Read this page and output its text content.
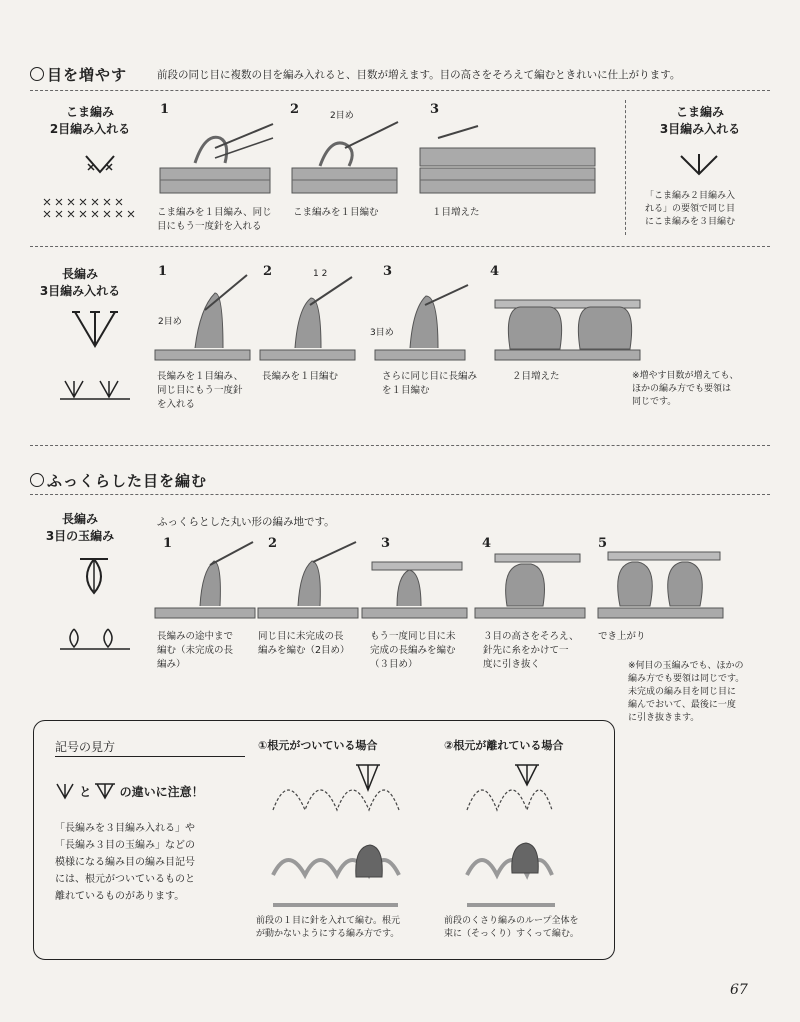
目を増やす	前段の同じ目に複数の目を編み入れると、目数が増えます。目の高さをそろえて編むときれいに仕上がります。
こま編み
2目編み入れる
1
こま編みを１目編み、同じ
目にもう一度針を入れる
2	2目め
こま編みを１目編む
3
１目増えた
こま編み
3目編み入れる
「こま編み２目編み入
れる」の要領で同じ目
にこま編みを３目編む
長編み
3目編み入れる
1
2目め
長編みを１目編み、
同じ目にもう一度針
を入れる
2	1 2
長編みを１目編む
3
3目め
さらに同じ目に長編み
を１目編む
4
２目増えた	※増やす目数が増えても、
ほかの編み方でも要領は
同じです。
ふっくらした目を編む
長編み
3目の玉編み
ふっくらとした丸い形の編み地です。
1
長編みの途中まで
編む（未完成の長
編み）
2
同じ目に未完成の長
編みを編む（2目め）
3
もう一度同じ目に未
完成の長編みを編む
（３目め）
4
３目の高さをそろえ、
針先に糸をかけて一
度に引き抜く
5
でき上がり
※何目の玉編みでも、ほかの
編み方でも要領は同じです。
未完成の編み目を同じ目に
編んでおいて、最後に一度
に引き抜きます。
記号の見方
と の違いに注意！
「長編みを３目編み入れる」や
「長編み３目の玉編み」などの
模様になる編み目の編み目記号
には、根元がついているものと
離れているものがあります。
①根元がついている場合
前段の１目に針を入れて編む。根元
が動かないようにする編み方です。
②根元が離れている場合
前段のくさり編みのループ全体を
束に（そっくり）すくって編む。
67
